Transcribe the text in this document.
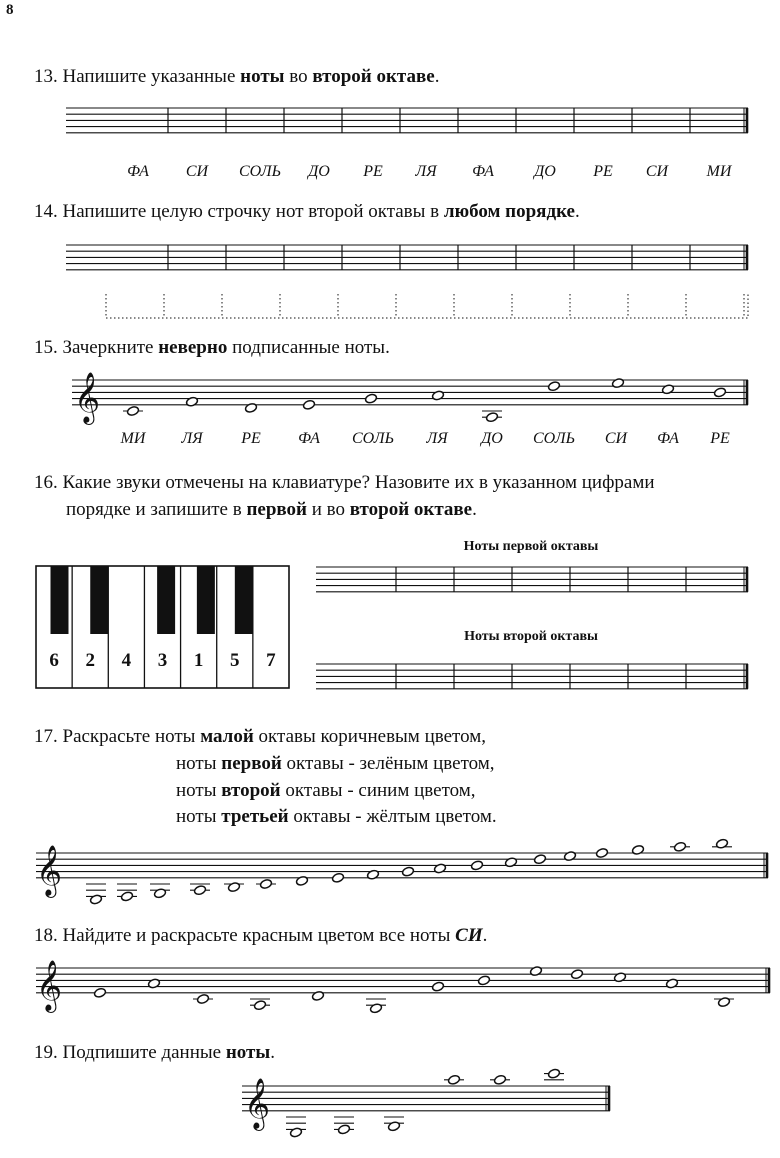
8
13. Напишите указанные ноты во второй октаве.
14. Напишите целую строчку нот второй октавы в любом порядке.
15. Зачеркните неверно подписанные ноты.
16. Какие звуки отмечены на клавиатуре? Назовите их в указанном цифрами
порядке и запишите в первой и во второй октаве.
Ноты первой октавы
Ноты второй октавы
17. Раскрасьте ноты малой октавы коричневым цветом,
ноты первой октавы - зелёным цветом,
ноты второй октавы - синим цветом,
ноты третьей октавы - жёлтым цветом.
18. Найдите и раскрасьте красным цветом все ноты СИ.
19. Подпишите данные ноты.
ФА	СИ	СОЛЬ	ДО	РЕ	ЛЯ	ФА	ДО	РЕ	СИ	МИ
МИ	ЛЯ	РЕ	ФА	СОЛЬ	ЛЯ	ДО	СОЛЬ	СИ	ФА	РЕ
𝄞
6 2 4 3 1 5 7
𝄞
𝄞
𝄞
